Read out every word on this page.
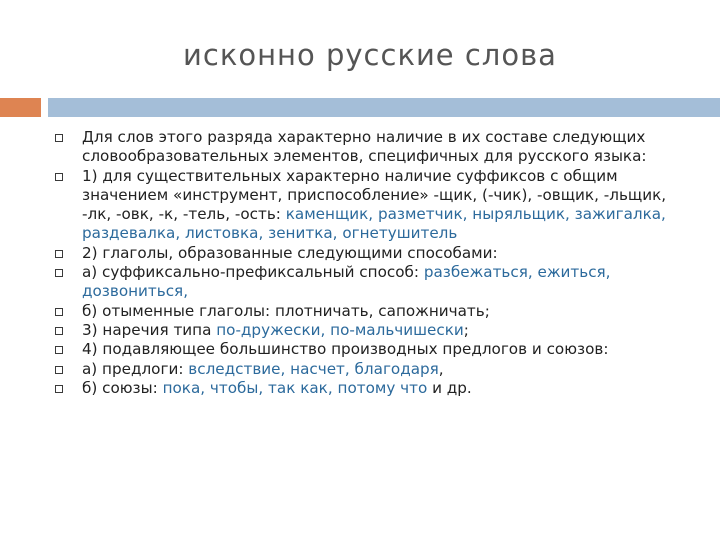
исконно русские слова
Для слов этого разряда характерно наличие в их составе следующих словообразовательных элементов, специфичных для русского языка:
1) для существительных характерно наличие суффиксов с общим значением «инструмент, приспособление» -щик, (-чик), -овщик, -льщик, -лк, -овк, -к, -тель, -ость: каменщик, разметчик, ныряльщик, зажигалка, раздевалка, листовка, зенитка, огнетушитель
2) глаголы, образованные следующими способами:
а) суффиксально-префиксальный способ: разбежаться, ежиться, дозвониться,
б) отыменные глаголы: плотничать, сапожничать;
3) наречия типа по-дружески, по-мальчишески;
4) подавляющее большинство производных предлогов и союзов:
а) предлоги: вследствие, насчет, благодаря,
б) союзы: пока, чтобы, так как, потому что и др.
